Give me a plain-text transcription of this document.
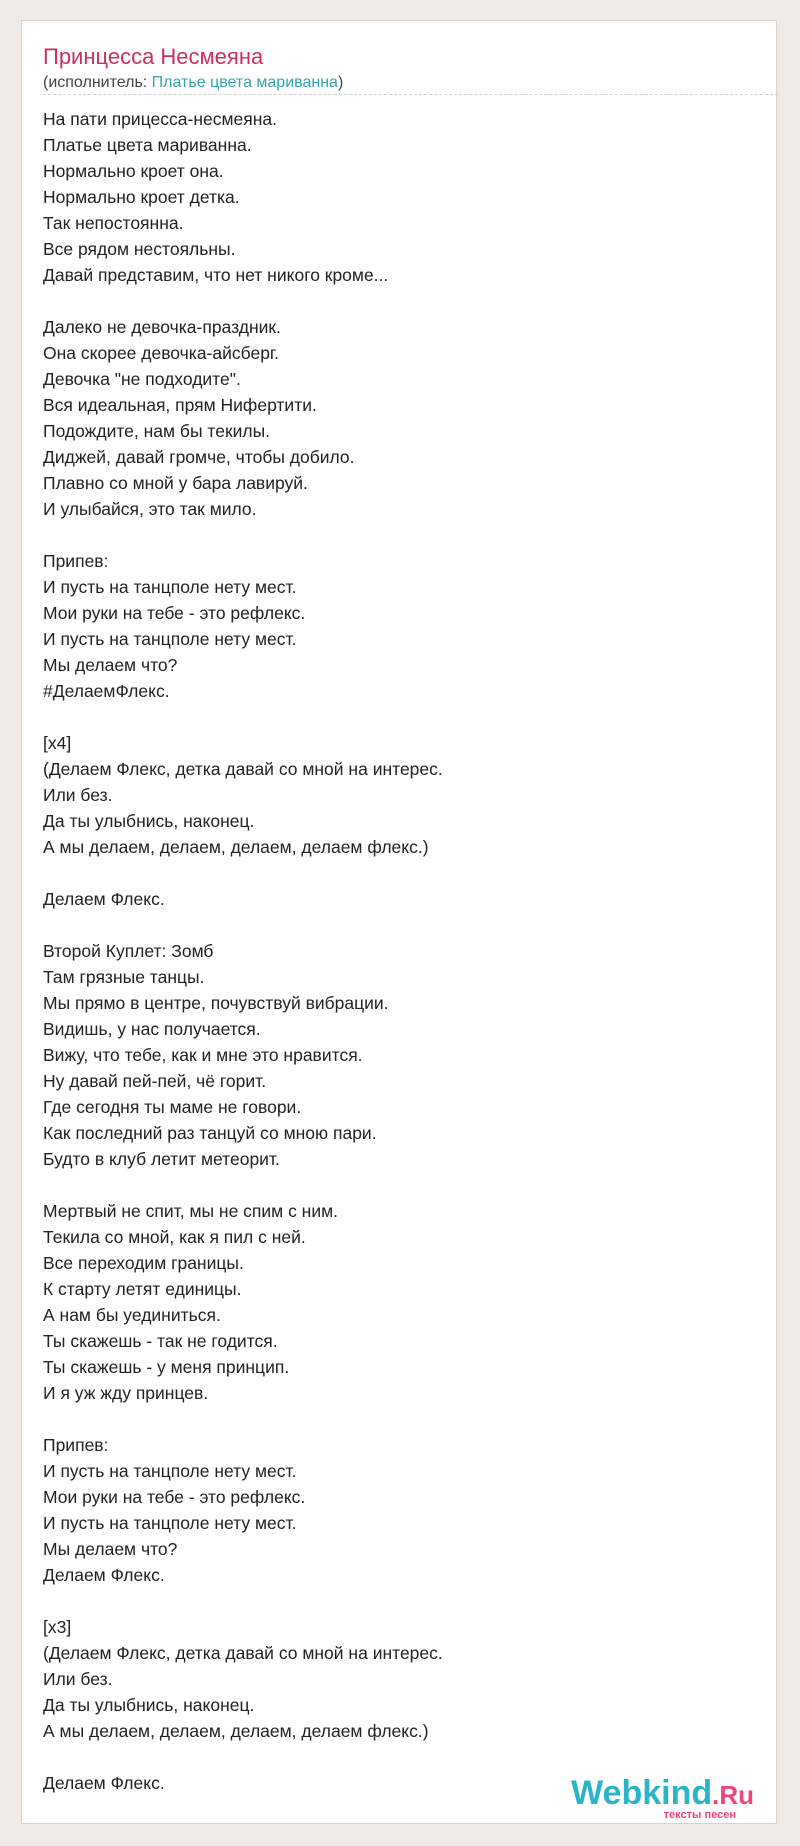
Принцесса Несмеяна
(исполнитель: Платье цвета мариванна)
На пати прицесса-несмеяна.
Платье цвета мариванна.
Нормально кроет она.
Нормально кроет детка.
Так непостоянна.
Все рядом нестояльны.
Давай представим, что нет никого кроме...
Далеко не девочка-праздник.
Она скорее девочка-айсберг.
Девочка "не подходите".
Вся идеальная, прям Нифертити.
Подождите, нам бы текилы.
Диджей, давай громче, чтобы добило.
Плавно со мной у бара лавируй.
И улыбайся, это так мило.
Припев:
И пусть на танцполе нету мест.
Мои руки на тебе - это рефлекс.
И пусть на танцполе нету мест.
Мы делаем что?
#ДелаемФлекс.
[x4]
(Делаем Флекс, детка давай со мной на интерес.
Или без.
Да ты улыбнись, наконец.
А мы делаем, делаем, делаем, делаем флекс.)
Делаем Флекс.
Второй Куплет: Зомб
Там грязные танцы.
Мы прямо в центре, почувствуй вибрации.
Видишь, у нас получается.
Вижу, что тебе, как и мне это нравится.
Ну давай пей-пей, чё горит.
Где сегодня ты маме не говори.
Как последний раз танцуй со мною пари.
Будто в клуб летит метеорит.
Мертвый не спит, мы не спим с ним.
Текила со мной, как я пил с ней.
Все переходим границы.
К старту летят единицы.
А нам бы уединиться.
Ты скажешь - так не годится.
Ты скажешь - у меня принцип.
И я уж жду принцев.
Припев:
И пусть на танцполе нету мест.
Мои руки на тебе - это рефлекс.
И пусть на танцполе нету мест.
Мы делаем что?
Делаем Флекс.
[x3]
(Делаем Флекс, детка давай со мной на интерес.
Или без.
Да ты улыбнись, наконец.
А мы делаем, делаем, делаем, делаем флекс.)
Делаем Флекс.	Webkind.Ru
тексты песен
